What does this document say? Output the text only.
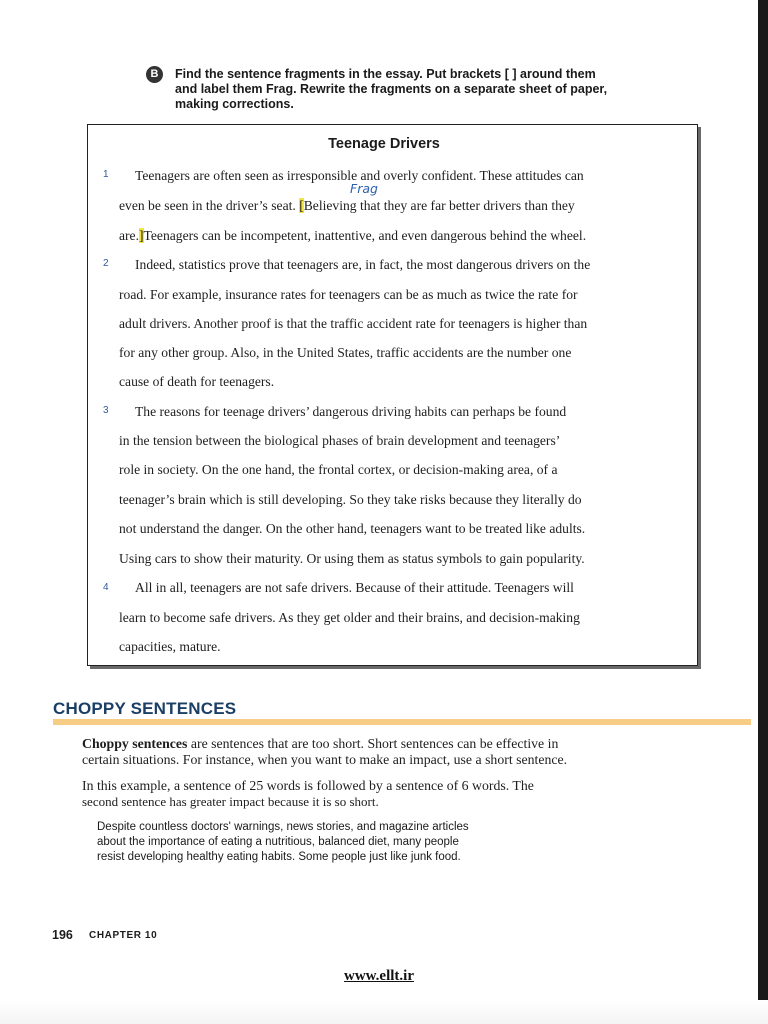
B	Find the sentence fragments in the essay. Put brackets [ ] around them
and label them Frag. Rewrite the fragments on a separate sheet of paper,
making corrections.
Teenage Drivers
Frag
1	Teenagers are often seen as irresponsible and overly confident. These attitudes can
even be seen in the driver’s seat. [Believing that they are far better drivers than they
are.]Teenagers can be incompetent, inattentive, and even dangerous behind the wheel.
2	Indeed, statistics prove that teenagers are, in fact, the most dangerous drivers on the
road. For example, insurance rates for teenagers can be as much as twice the rate for
adult drivers. Another proof is that the traffic accident rate for teenagers is higher than
for any other group. Also, in the United States, traffic accidents are the number one
cause of death for teenagers.
3	The reasons for teenage drivers’ dangerous driving habits can perhaps be found
in the tension between the biological phases of brain development and teenagers’
role in society. On the one hand, the frontal cortex, or decision-making area, of a
teenager’s brain which is still developing. So they take risks because they literally do
not understand the danger. On the other hand, teenagers want to be treated like adults.
Using cars to show their maturity. Or using them as status symbols to gain popularity.
4	All in all, teenagers are not safe drivers. Because of their attitude. Teenagers will
learn to become safe drivers. As they get older and their brains, and decision-making
capacities, mature.
CHOPPY SENTENCES
Choppy sentences are sentences that are too short. Short sentences can be effective in
certain situations. For instance, when you want to make an impact, use a short sentence.
In this example, a sentence of 25 words is followed by a sentence of 6 words. The
second sentence has greater impact because it is so short.
Despite countless doctors' warnings, news stories, and magazine articles
about the importance of eating a nutritious, balanced diet, many people
resist developing healthy eating habits. Some people just like junk food.
196 CHAPTER 10
www.ellt.ir
